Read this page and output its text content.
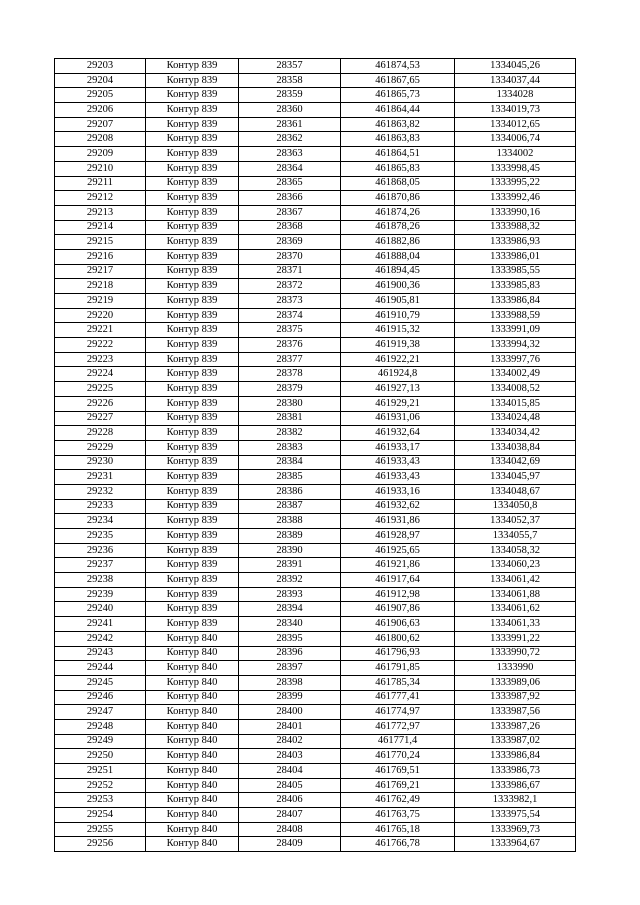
29203	Контур 839	28357	461874,53	1334045,26
29204	Контур 839	28358	461867,65	1334037,44
29205	Контур 839	28359	461865,73	1334028
29206	Контур 839	28360	461864,44	1334019,73
29207	Контур 839	28361	461863,82	1334012,65
29208	Контур 839	28362	461863,83	1334006,74
29209	Контур 839	28363	461864,51	1334002
29210	Контур 839	28364	461865,83	1333998,45
29211	Контур 839	28365	461868,05	1333995,22
29212	Контур 839	28366	461870,86	1333992,46
29213	Контур 839	28367	461874,26	1333990,16
29214	Контур 839	28368	461878,26	1333988,32
29215	Контур 839	28369	461882,86	1333986,93
29216	Контур 839	28370	461888,04	1333986,01
29217	Контур 839	28371	461894,45	1333985,55
29218	Контур 839	28372	461900,36	1333985,83
29219	Контур 839	28373	461905,81	1333986,84
29220	Контур 839	28374	461910,79	1333988,59
29221	Контур 839	28375	461915,32	1333991,09
29222	Контур 839	28376	461919,38	1333994,32
29223	Контур 839	28377	461922,21	1333997,76
29224	Контур 839	28378	461924,8	1334002,49
29225	Контур 839	28379	461927,13	1334008,52
29226	Контур 839	28380	461929,21	1334015,85
29227	Контур 839	28381	461931,06	1334024,48
29228	Контур 839	28382	461932,64	1334034,42
29229	Контур 839	28383	461933,17	1334038,84
29230	Контур 839	28384	461933,43	1334042,69
29231	Контур 839	28385	461933,43	1334045,97
29232	Контур 839	28386	461933,16	1334048,67
29233	Контур 839	28387	461932,62	1334050,8
29234	Контур 839	28388	461931,86	1334052,37
29235	Контур 839	28389	461928,97	1334055,7
29236	Контур 839	28390	461925,65	1334058,32
29237	Контур 839	28391	461921,86	1334060,23
29238	Контур 839	28392	461917,64	1334061,42
29239	Контур 839	28393	461912,98	1334061,88
29240	Контур 839	28394	461907,86	1334061,62
29241	Контур 839	28340	461906,63	1334061,33
29242	Контур 840	28395	461800,62	1333991,22
29243	Контур 840	28396	461796,93	1333990,72
29244	Контур 840	28397	461791,85	1333990
29245	Контур 840	28398	461785,34	1333989,06
29246	Контур 840	28399	461777,41	1333987,92
29247	Контур 840	28400	461774,97	1333987,56
29248	Контур 840	28401	461772,97	1333987,26
29249	Контур 840	28402	461771,4	1333987,02
29250	Контур 840	28403	461770,24	1333986,84
29251	Контур 840	28404	461769,51	1333986,73
29252	Контур 840	28405	461769,21	1333986,67
29253	Контур 840	28406	461762,49	1333982,1
29254	Контур 840	28407	461763,75	1333975,54
29255	Контур 840	28408	461765,18	1333969,73
29256	Контур 840	28409	461766,78	1333964,67
